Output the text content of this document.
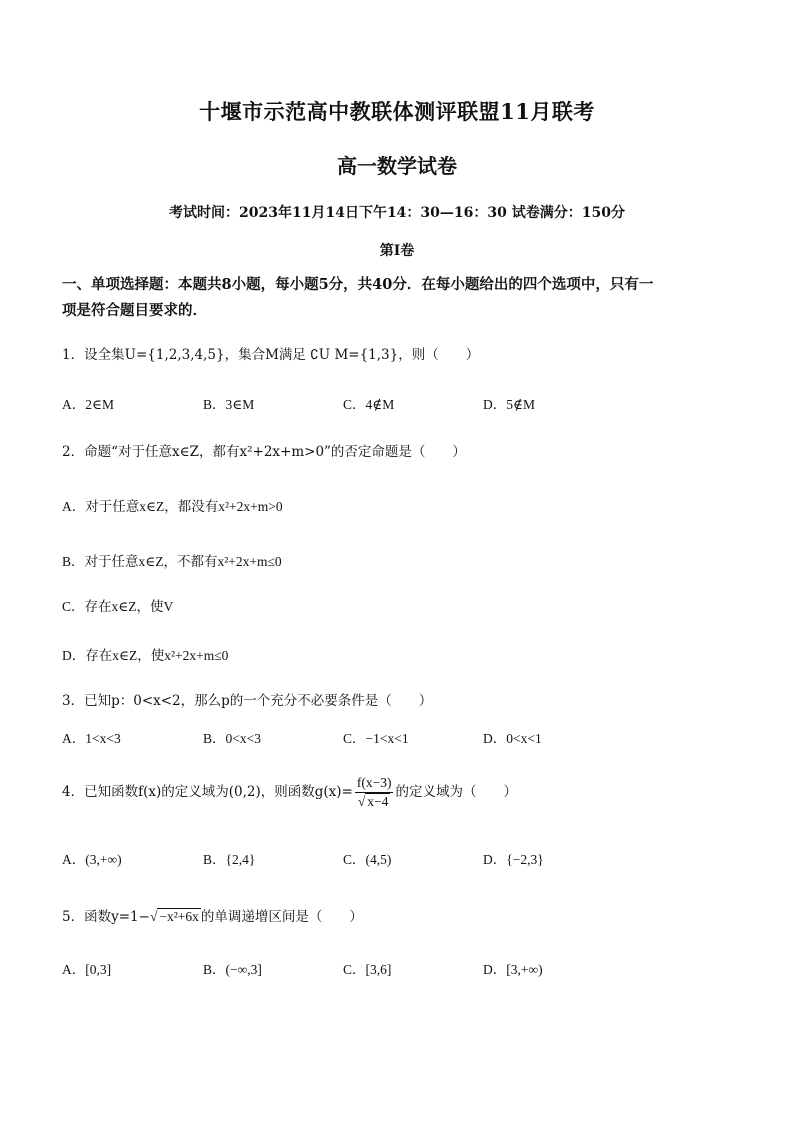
十堰市示范高中教联体测评联盟11月联考
高一数学试卷
考试时间：2023年11月14日下午14：30—16：30 试卷满分：150分
第Ⅰ卷
一、单项选择题：本题共8小题，每小题5分，共40分．在每小题给出的四个选项中，只有一
项是符合题目要求的．
1．设全集U={1,2,3,4,5}，集合M满足 ∁U M={1,3}，则（　　）
A．2∈M	B．3∈M	C．4∉M	D．5∉M
2．命题“对于任意x∈Z，都有x²+2x+m>0”的否定命题是（　　）
A．对于任意x∈Z，都没有x²+2x+m>0
B．对于任意x∈Z，不都有x²+2x+m≤0
C．存在x∈Z，使V
D．存在x∈Z，使x²+2x+m≤0
3．已知p：0<x<2，那么p的一个充分不必要条件是（　　）
A．1<x<3	B．0<x<3	C．−1<x<1	D．0<x<1
4．已知函数f(x)的定义域为(0,2)，则函数$g(x)= \frac{f(x-3)}{√ x-4}$ 的定义域为（　　）
A．(3,+∞)	B．{2,4}	C．(4,5)	D．{−2,3}
5．函数y=1−√ −x²+6x 的单调递增区间是（　　）
A．[0,3]	B．(−∞,3]	C．[3,6]	D．[3,+∞)
